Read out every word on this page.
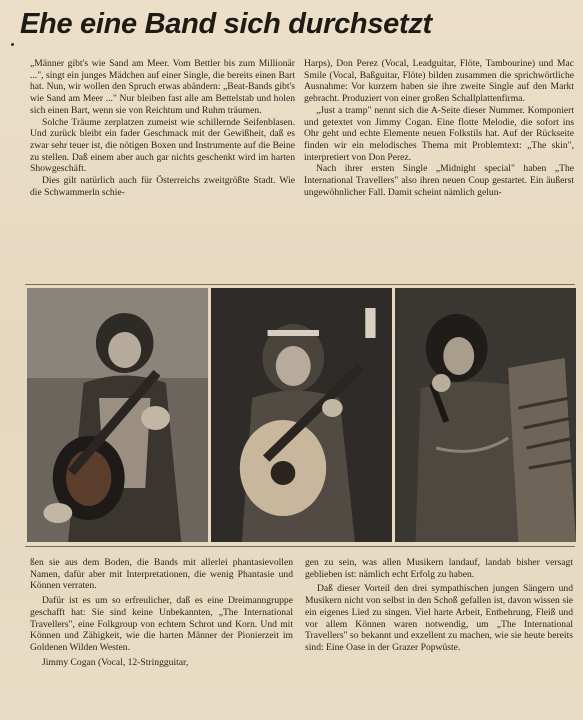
Ehe eine Band sich durchsetzt

„Männer gibt's wie Sand am Meer. Vom Bettler bis zum Millionär ...", singt ein junges Mädchen auf einer Single, die bereits einen Bart hat. Nun, wir wollen den Spruch etwas abändern: „Beat-Bands gibt's wie Sand am Meer ..." Nur bleiben fast alle am Bettelstab und holen sich einen Bart, wenn sie von Reichtum und Ruhm träumen.

Solche Träume zerplatzen zumeist wie schillernde Seifenblasen. Und zurück bleibt ein fader Geschmack mit der Gewißheit, daß es zwar sehr teuer ist, die nötigen Boxen und Instrumente auf die Beine zu stellen. Daß einem aber auch gar nichts geschenkt wird im harten Showgeschäft.

Dies gilt natürlich auch für Österreichs zweitgrößte Stadt. Wie die Schwammerln schie-

Harps), Don Perez (Vocal, Leadguitar, Flöte, Tambourine) und Mac Smile (Vocal, Baßguitar, Flöte) bilden zusammen die sprichwörtliche Ausnahme: Vor kurzem haben sie ihre zweite Single auf den Markt gebracht. Produziert von einer großen Schallplattenfirma.

„Just a tramp" nennt sich die A-Seite dieser Nummer. Komponiert und getextet von Jimmy Cogan. Eine flotte Melodie, die sofort ins Ohr geht und echte Elemente neuen Folkstils hat. Auf der Rückseite finden wir ein melodisches Thema mit Problemtext: „The skin", interpretiert von Don Perez.

Nach ihrer ersten Single „Midnight special" haben „The International Travellers" also ihren neuen Coup gestartet. Ein äußerst ungewöhnlicher Fall. Damit scheint nämlich gelun-

ßen sie aus dem Boden, die Bands mit allerlei phantasievollen Namen, dafür aber mit Interpretationen, die wenig Phantasie und Können verraten.

Dafür ist es um so erfreulicher, daß es eine Dreimanngruppe geschafft hat: Sie sind keine Unbekannten, „The International Travellers", eine Folkgroup von echtem Schrot und Korn. Und mit Können und Zähigkeit, wie die harten Männer der Pionierzeit im Goldenen Wilden Westen.

Jimmy Cogan (Vocal, 12-Stringguitar,

gen zu sein, was allen Musikern landauf, landab bisher versagt geblieben ist: nämlich echt Erfolg zu haben.

Daß dieser Vorteil den drei sympathischen jungen Sängern und Musikern nicht von selbst in den Schoß gefallen ist, davon wissen sie ein eigenes Lied zu singen. Viel harte Arbeit, Entbehrung, Fleiß und vor allem Können waren notwendig, um „The International Travellers" so bekannt und exzellent zu machen, wie sie heute bereits sind: Eine Oase in der Grazer Popwüste.
